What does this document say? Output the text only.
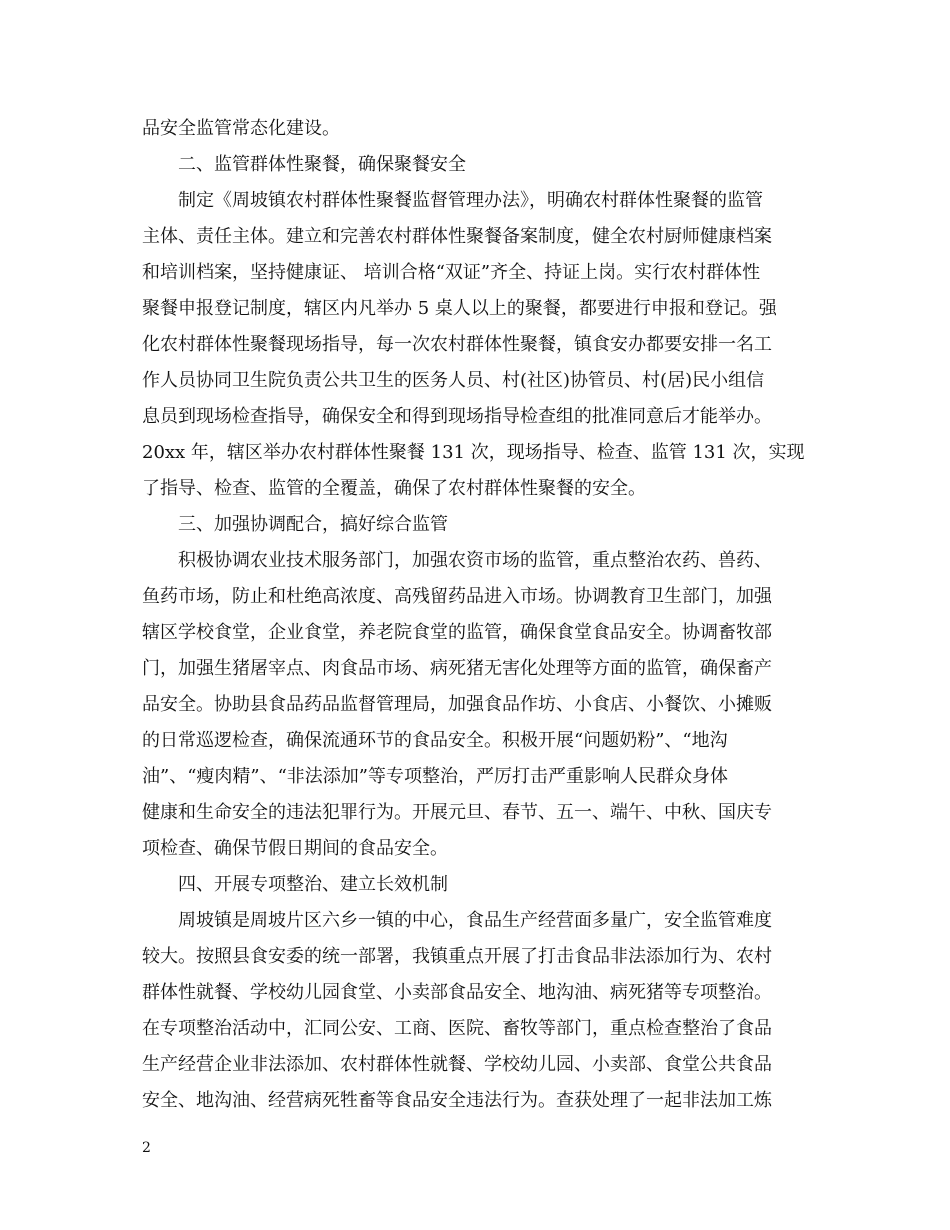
品安全监管常态化建设。
二、监管群体性聚餐，确保聚餐安全
制定《周坡镇农村群体性聚餐监督管理办法》，明确农村群体性聚餐的监管
主体、责任主体。建立和完善农村群体性聚餐备案制度，健全农村厨师健康档案
和培训档案，坚持健康证、 培训合格“双证”齐全、持证上岗。实行农村群体性
聚餐申报登记制度，辖区内凡举办 5 桌人以上的聚餐，都要进行申报和登记。强
化农村群体性聚餐现场指导，每一次农村群体性聚餐，镇食安办都要安排一名工
作人员协同卫生院负责公共卫生的医务人员、村(社区)协管员、村(居)民小组信
息员到现场检查指导，确保安全和得到现场指导检查组的批准同意后才能举办。
20xx 年，辖区举办农村群体性聚餐 131 次，现场指导、检查、监管 131 次，实现
了指导、检查、监管的全覆盖，确保了农村群体性聚餐的安全。
三、加强协调配合，搞好综合监管
积极协调农业技术服务部门，加强农资市场的监管，重点整治农药、兽药、
鱼药市场，防止和杜绝高浓度、高残留药品进入市场。协调教育卫生部门，加强
辖区学校食堂，企业食堂，养老院食堂的监管，确保食堂食品安全。协调畜牧部
门，加强生猪屠宰点、肉食品市场、病死猪无害化处理等方面的监管，确保畜产
品安全。协助县食品药品监督管理局，加强食品作坊、小食店、小餐饮、小摊贩
的日常巡逻检查，确保流通环节的食品安全。积极开展“问题奶粉”、“地沟
油”、“瘦肉精”、“非法添加”等专项整治，严厉打击严重影响人民群众身体
健康和生命安全的违法犯罪行为。开展元旦、春节、五一、端午、中秋、国庆专
项检查、确保节假日期间的食品安全。
四、开展专项整治、建立长效机制
周坡镇是周坡片区六乡一镇的中心，食品生产经营面多量广，安全监管难度
较大。按照县食安委的统一部署，我镇重点开展了打击食品非法添加行为、农村
群体性就餐、学校幼儿园食堂、小卖部食品安全、地沟油、病死猪等专项整治。
在专项整治活动中，汇同公安、工商、医院、畜牧等部门，重点检查整治了食品
生产经营企业非法添加、农村群体性就餐、学校幼儿园、小卖部、食堂公共食品
安全、地沟油、经营病死牲畜等食品安全违法行为。查获处理了一起非法加工炼
2
